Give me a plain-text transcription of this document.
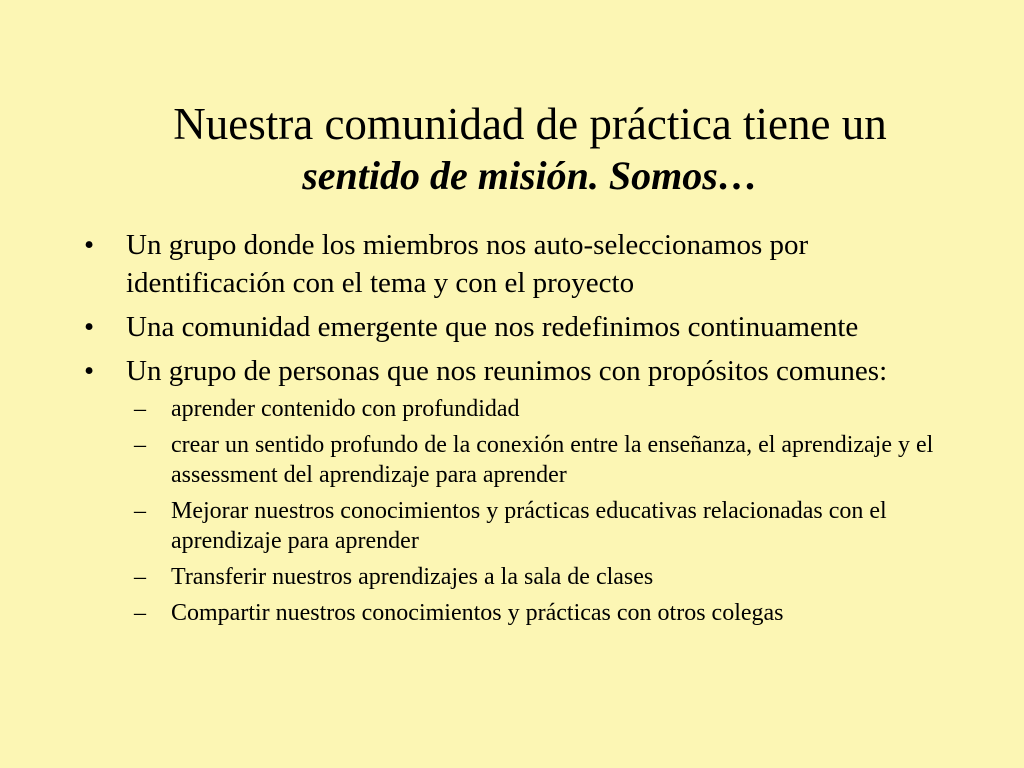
Nuestra comunidad de práctica tiene un
sentido de misión. Somos…
• Un grupo donde los miembros nos auto-seleccionamos por identificación con el tema y con el proyecto
• Una comunidad emergente que nos redefinimos continuamente
• Un grupo de personas que nos reunimos con propósitos comunes:
– aprender contenido con profundidad
– crear un sentido profundo de la conexión entre la enseñanza, el aprendizaje y el assessment del aprendizaje para aprender
– Mejorar nuestros conocimientos y prácticas educativas relacionadas con el aprendizaje para aprender
– Transferir nuestros aprendizajes a la sala de clases
– Compartir nuestros conocimientos y prácticas con otros colegas
